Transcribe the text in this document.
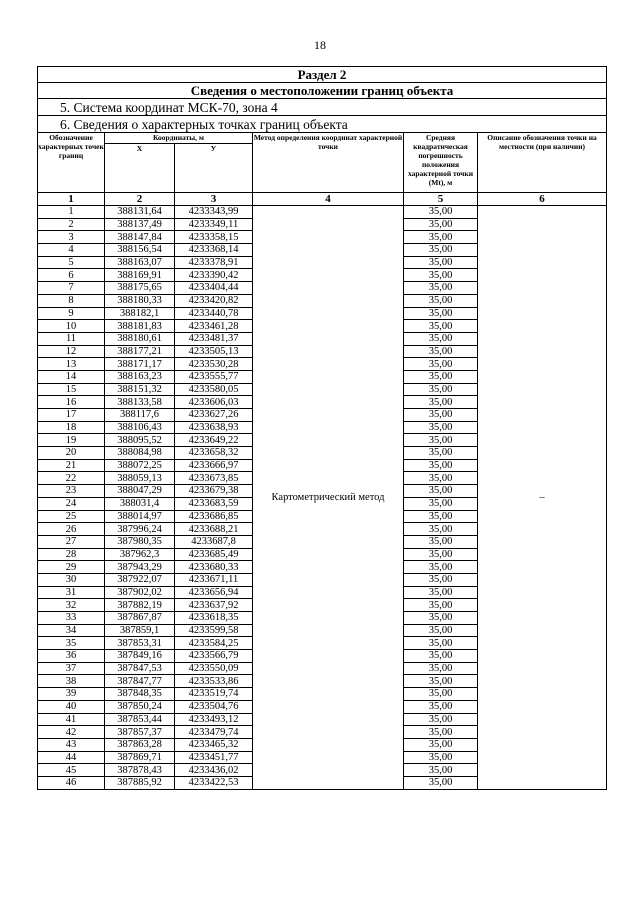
18
Раздел 2					
Сведения о местоположении границ объекта					
5. Система координат МСК-70, зона 4					
6. Сведения о характерных точках границ объекта					
Обозначение характерных точек границ	Координаты, м		Метод определения координат характерной точки	Средняя квадратическая погрешность положения характерной точки (Mt), м	Описание обозначения точки на местности (при наличии)
	X	У			
1	2	3	4	5	6
1	388131,64	4233343,99	Картометрический метод	35,00	–
2	388137,49	4233349,11		35,00	
3	388147,84	4233358,15		35,00	
4	388156,54	4233368,14		35,00	
5	388163,07	4233378,91		35,00	
6	388169,91	4233390,42		35,00	
7	388175,65	4233404,44		35,00	
8	388180,33	4233420,82		35,00	
9	388182,1	4233440,78		35,00	
10	388181,83	4233461,28		35,00	
11	388180,61	4233481,37		35,00	
12	388177,21	4233505,13		35,00	
13	388171,17	4233530,28		35,00	
14	388163,23	4233555,77		35,00	
15	388151,32	4233580,05		35,00	
16	388133,58	4233606,03		35,00	
17	388117,6	4233627,26		35,00	
18	388106,43	4233638,93		35,00	
19	388095,52	4233649,22		35,00	
20	388084,98	4233658,32		35,00	
21	388072,25	4233666,97		35,00	
22	388059,13	4233673,85		35,00	
23	388047,29	4233679,38		35,00	
24	388031,4	4233683,59		35,00	
25	388014,97	4233686,85		35,00	
26	387996,24	4233688,21		35,00	
27	387980,35	4233687,8		35,00	
28	387962,3	4233685,49		35,00	
29	387943,29	4233680,33		35,00	
30	387922,07	4233671,11		35,00	
31	387902,02	4233656,94		35,00	
32	387882,19	4233637,92		35,00	
33	387867,87	4233618,35		35,00	
34	387859,1	4233599,58		35,00	
35	387853,31	4233584,25		35,00	
36	387849,16	4233566,79		35,00	
37	387847,53	4233550,09		35,00	
38	387847,77	4233533,86		35,00	
39	387848,35	4233519,74		35,00	
40	387850,24	4233504,76		35,00	
41	387853,44	4233493,12		35,00	
42	387857,37	4233479,74		35,00	
43	387863,28	4233465,32		35,00	
44	387869,71	4233451,77		35,00	
45	387878,43	4233436,02		35,00	
46	387885,92	4233422,53		35,00	
